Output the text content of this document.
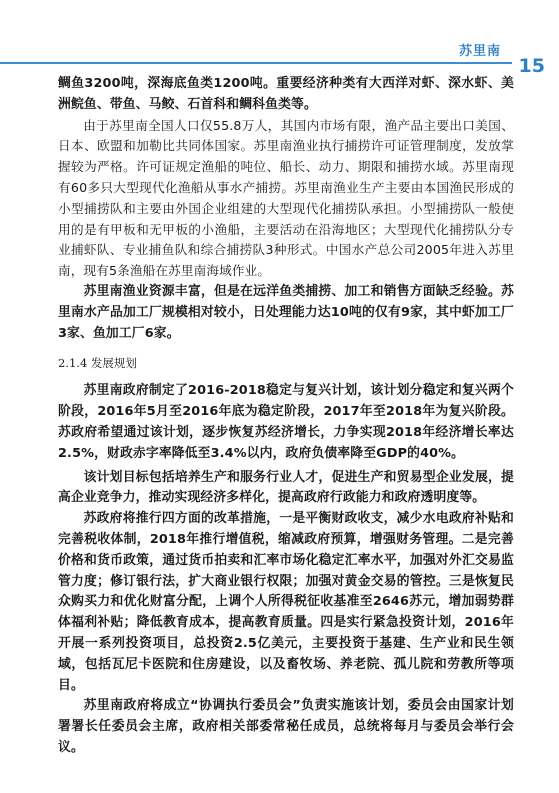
苏里南
15

鲷鱼3200吨，深海底鱼类1200吨。重要经济种类有大西洋对虾、深水虾、美洲鲩鱼、带鱼、马鲛、石首科和鲷科鱼类等。

由于苏里南全国人口仅55.8万人，其国内市场有限，渔产品主要出口美国、日本、欧盟和加勒比共同体国家。苏里南渔业执行捕捞许可证管理制度，发放掌握较为严格。许可证规定渔船的吨位、船长、动力、期限和捕捞水域。苏里南现有60多只大型现代化渔船从事水产捕捞。苏里南渔业生产主要由本国渔民形成的小型捕捞队和主要由外国企业组建的大型现代化捕捞队承担。小型捕捞队一般使用的是有甲板和无甲板的小渔船，主要活动在沿海地区；大型现代化捕捞队分专业捕虾队、专业捕鱼队和综合捕捞队3种形式。中国水产总公司2005年进入苏里南，现有5条渔船在苏里南海域作业。

苏里南渔业资源丰富，但是在远洋鱼类捕捞、加工和销售方面缺乏经验。苏里南水产品加工厂规模相对较小，日处理能力达10吨的仅有9家，其中虾加工厂3家、鱼加工厂6家。

2.1.4 发展规划

苏里南政府制定了2016-2018稳定与复兴计划，该计划分稳定和复兴两个阶段，2016年5月至2016年底为稳定阶段，2017年至2018年为复兴阶段。苏政府希望通过该计划，逐步恢复苏经济增长，力争实现2018年经济增长率达2.5%，财政赤字率降低至3.4%以内，政府负债率降至GDP的40%。

该计划目标包括培养生产和服务行业人才，促进生产和贸易型企业发展，提高企业竞争力，推动实现经济多样化，提高政府行政能力和政府透明度等。

苏政府将推行四方面的改革措施，一是平衡财政收支，减少水电政府补贴和完善税收体制，2018年推行增值税，缩减政府预算，增强财务管理。二是完善价格和货币政策，通过货币拍卖和汇率市场化稳定汇率水平，加强对外汇交易监管力度；修订银行法，扩大商业银行权限；加强对黄金交易的管控。三是恢复民众购买力和优化财富分配，上调个人所得税征收基准至2646苏元，增加弱势群体福利补贴；降低教育成本，提高教育质量。四是实行紧急投资计划，2016年开展一系列投资项目，总投资2.5亿美元，主要投资于基建、生产业和民生领域，包括瓦尼卡医院和住房建设，以及畜牧场、养老院、孤儿院和劳教所等项目。

苏里南政府将成立“协调执行委员会”负责实施该计划，委员会由国家计划署署长任委员会主席，政府相关部委常秘任成员，总统将每月与委员会举行会议。
